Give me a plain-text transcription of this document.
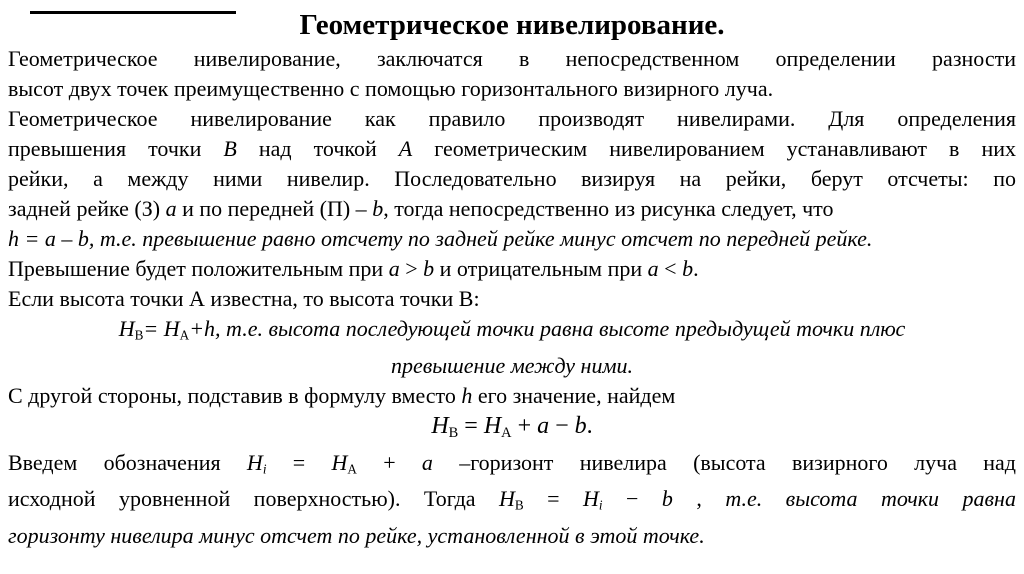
Геометрическое нивелирование.
Геометрическое нивелирование, заключатся в непосредственном определении разности
высот двух точек преимущественно с помощью горизонтального визирного луча.
Геометрическое нивелирование как правило производят нивелирами. Для определения
превышения точки B над точкой A геометрическим нивелированием устанавливают в них
рейки, а между ними нивелир. Последовательно визируя на рейки, берут отсчеты: по
задней рейке (З) a и по передней (П) – b, тогда непосредственно из рисунка следует, что
h = a – b, т.е. превышение равно отсчету по задней рейке минус отсчет по передней рейке.
Превышение будет положительным при a > b и отрицательным при a < b.
Если высота точки А известна, то высота точки В:
$H_В= H_А+h$, т.е. высота последующей точки равна высоте предыдущей точки плюс
превышение между ними.
С другой стороны, подставив в формулу вместо h его значение, найдем
$H_В = H_А + a - b$.
Введем обозначения $H_i = H_А + a$ –горизонт нивелира (высота визирного луча над
исходной уровненной поверхностью). Тогда $H_В = H_i - b$ , т.е. высота точки равна
горизонту нивелира минус отсчет по рейке, установленной в этой точке.
